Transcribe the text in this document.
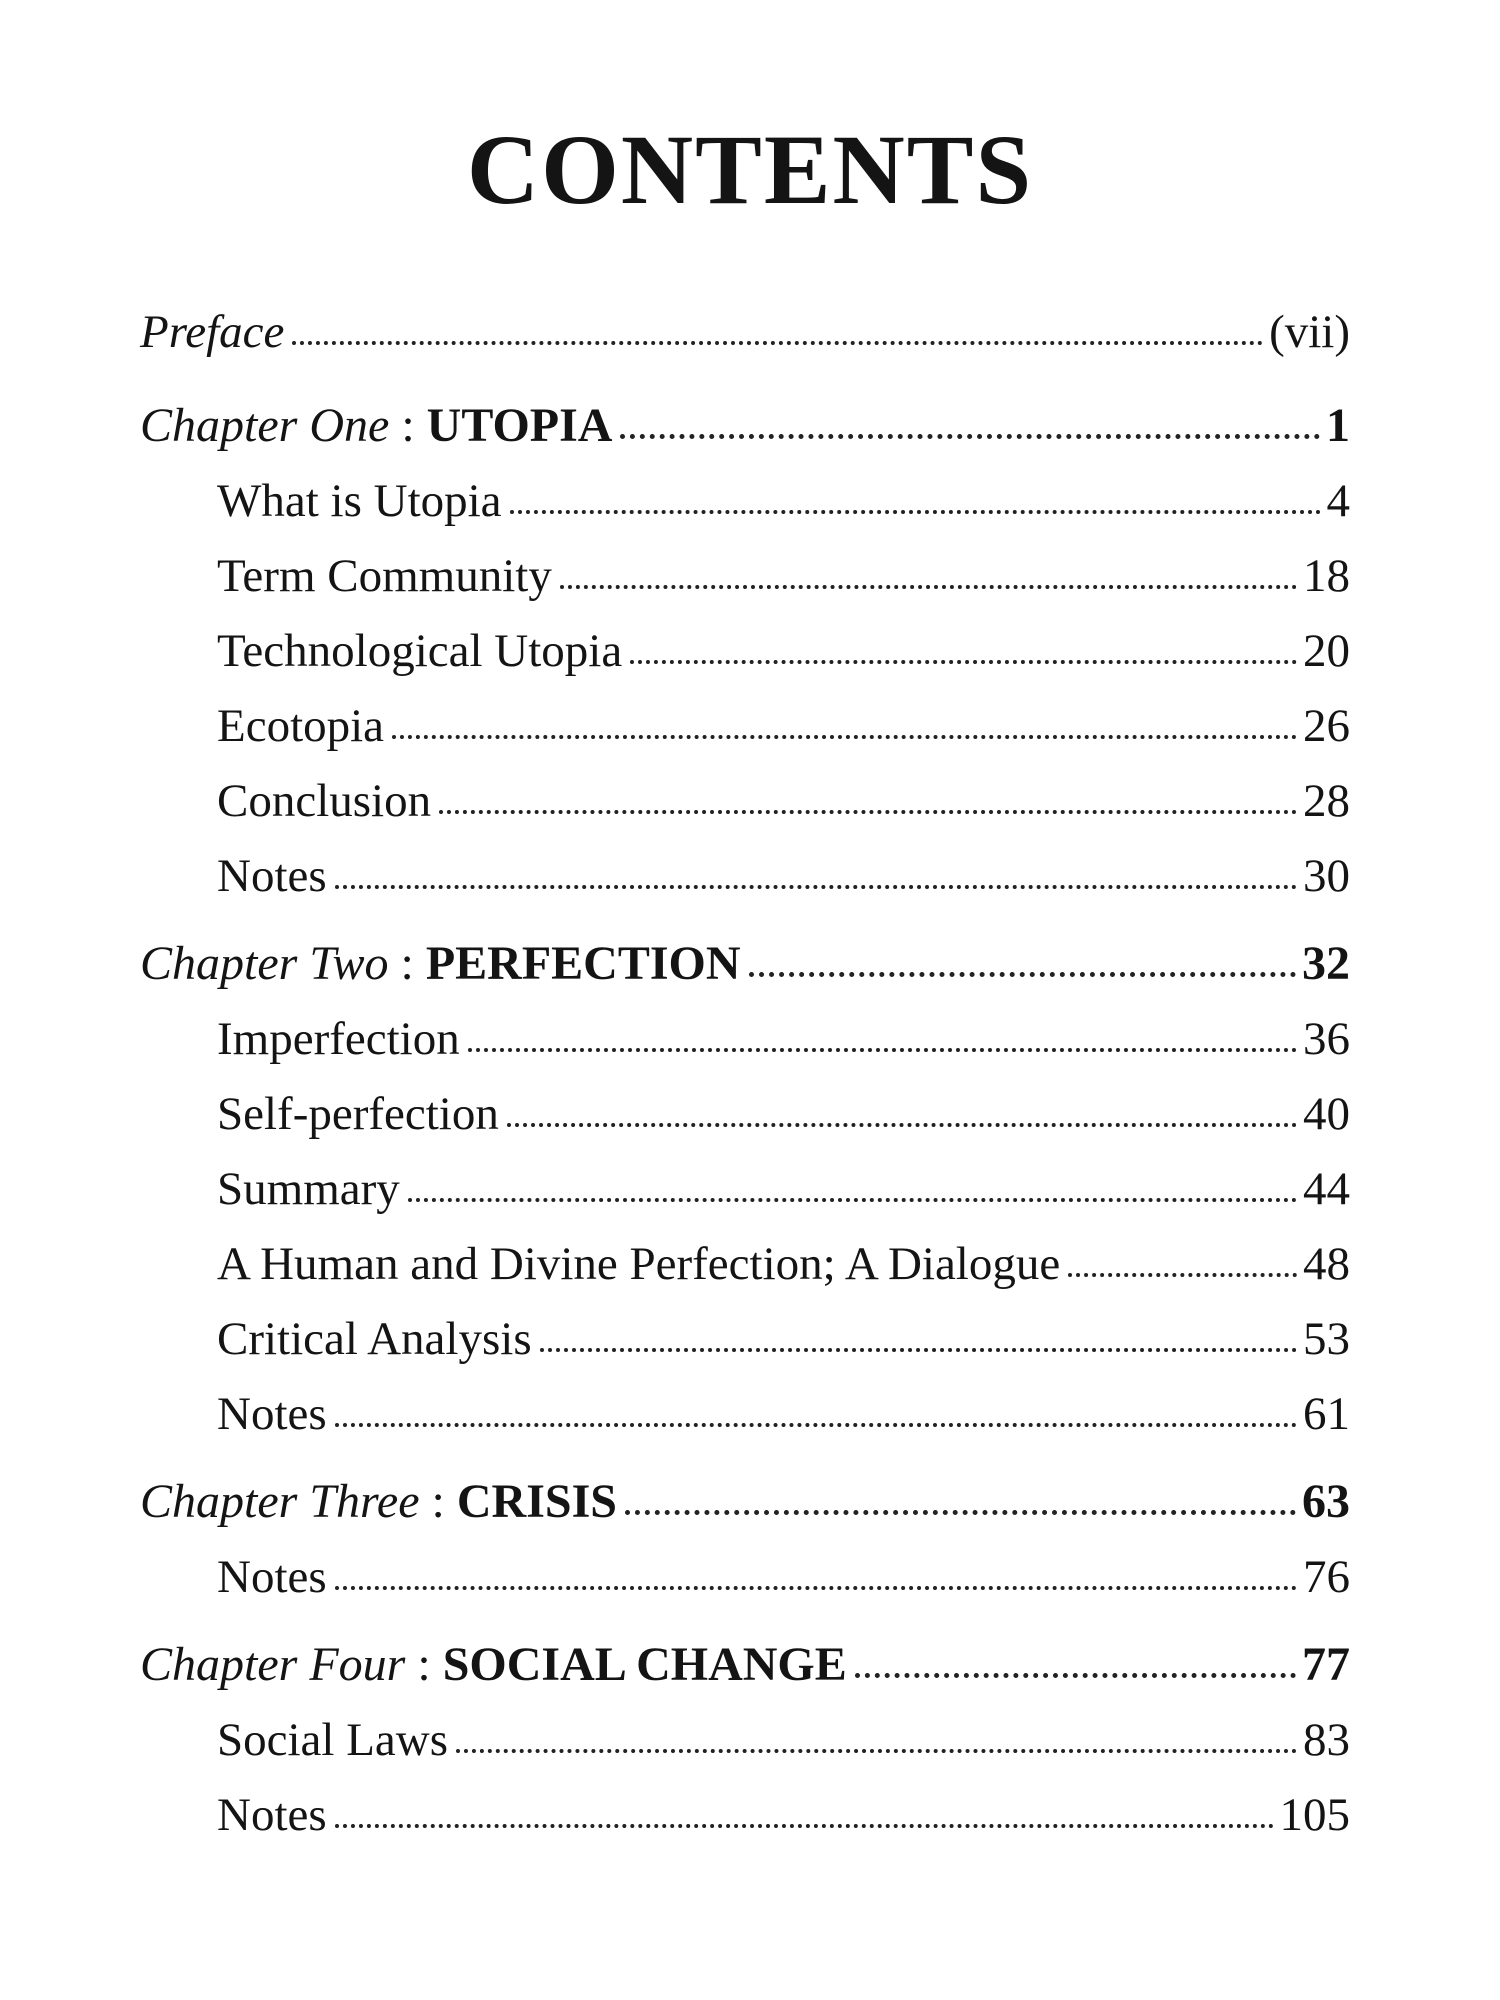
CONTENTS
Preface	(vii)
Chapter One : UTOPIA	1
What is Utopia	4
Term Community	18
Technological Utopia	20
Ecotopia	26
Conclusion	28
Notes	30
Chapter Two : PERFECTION	32
Imperfection	36
Self-perfection	40
Summary	44
A Human and Divine Perfection; A Dialogue	48
Critical Analysis	53
Notes	61
Chapter Three : CRISIS	63
Notes	76
Chapter Four : SOCIAL CHANGE	77
Social Laws	83
Notes	105
